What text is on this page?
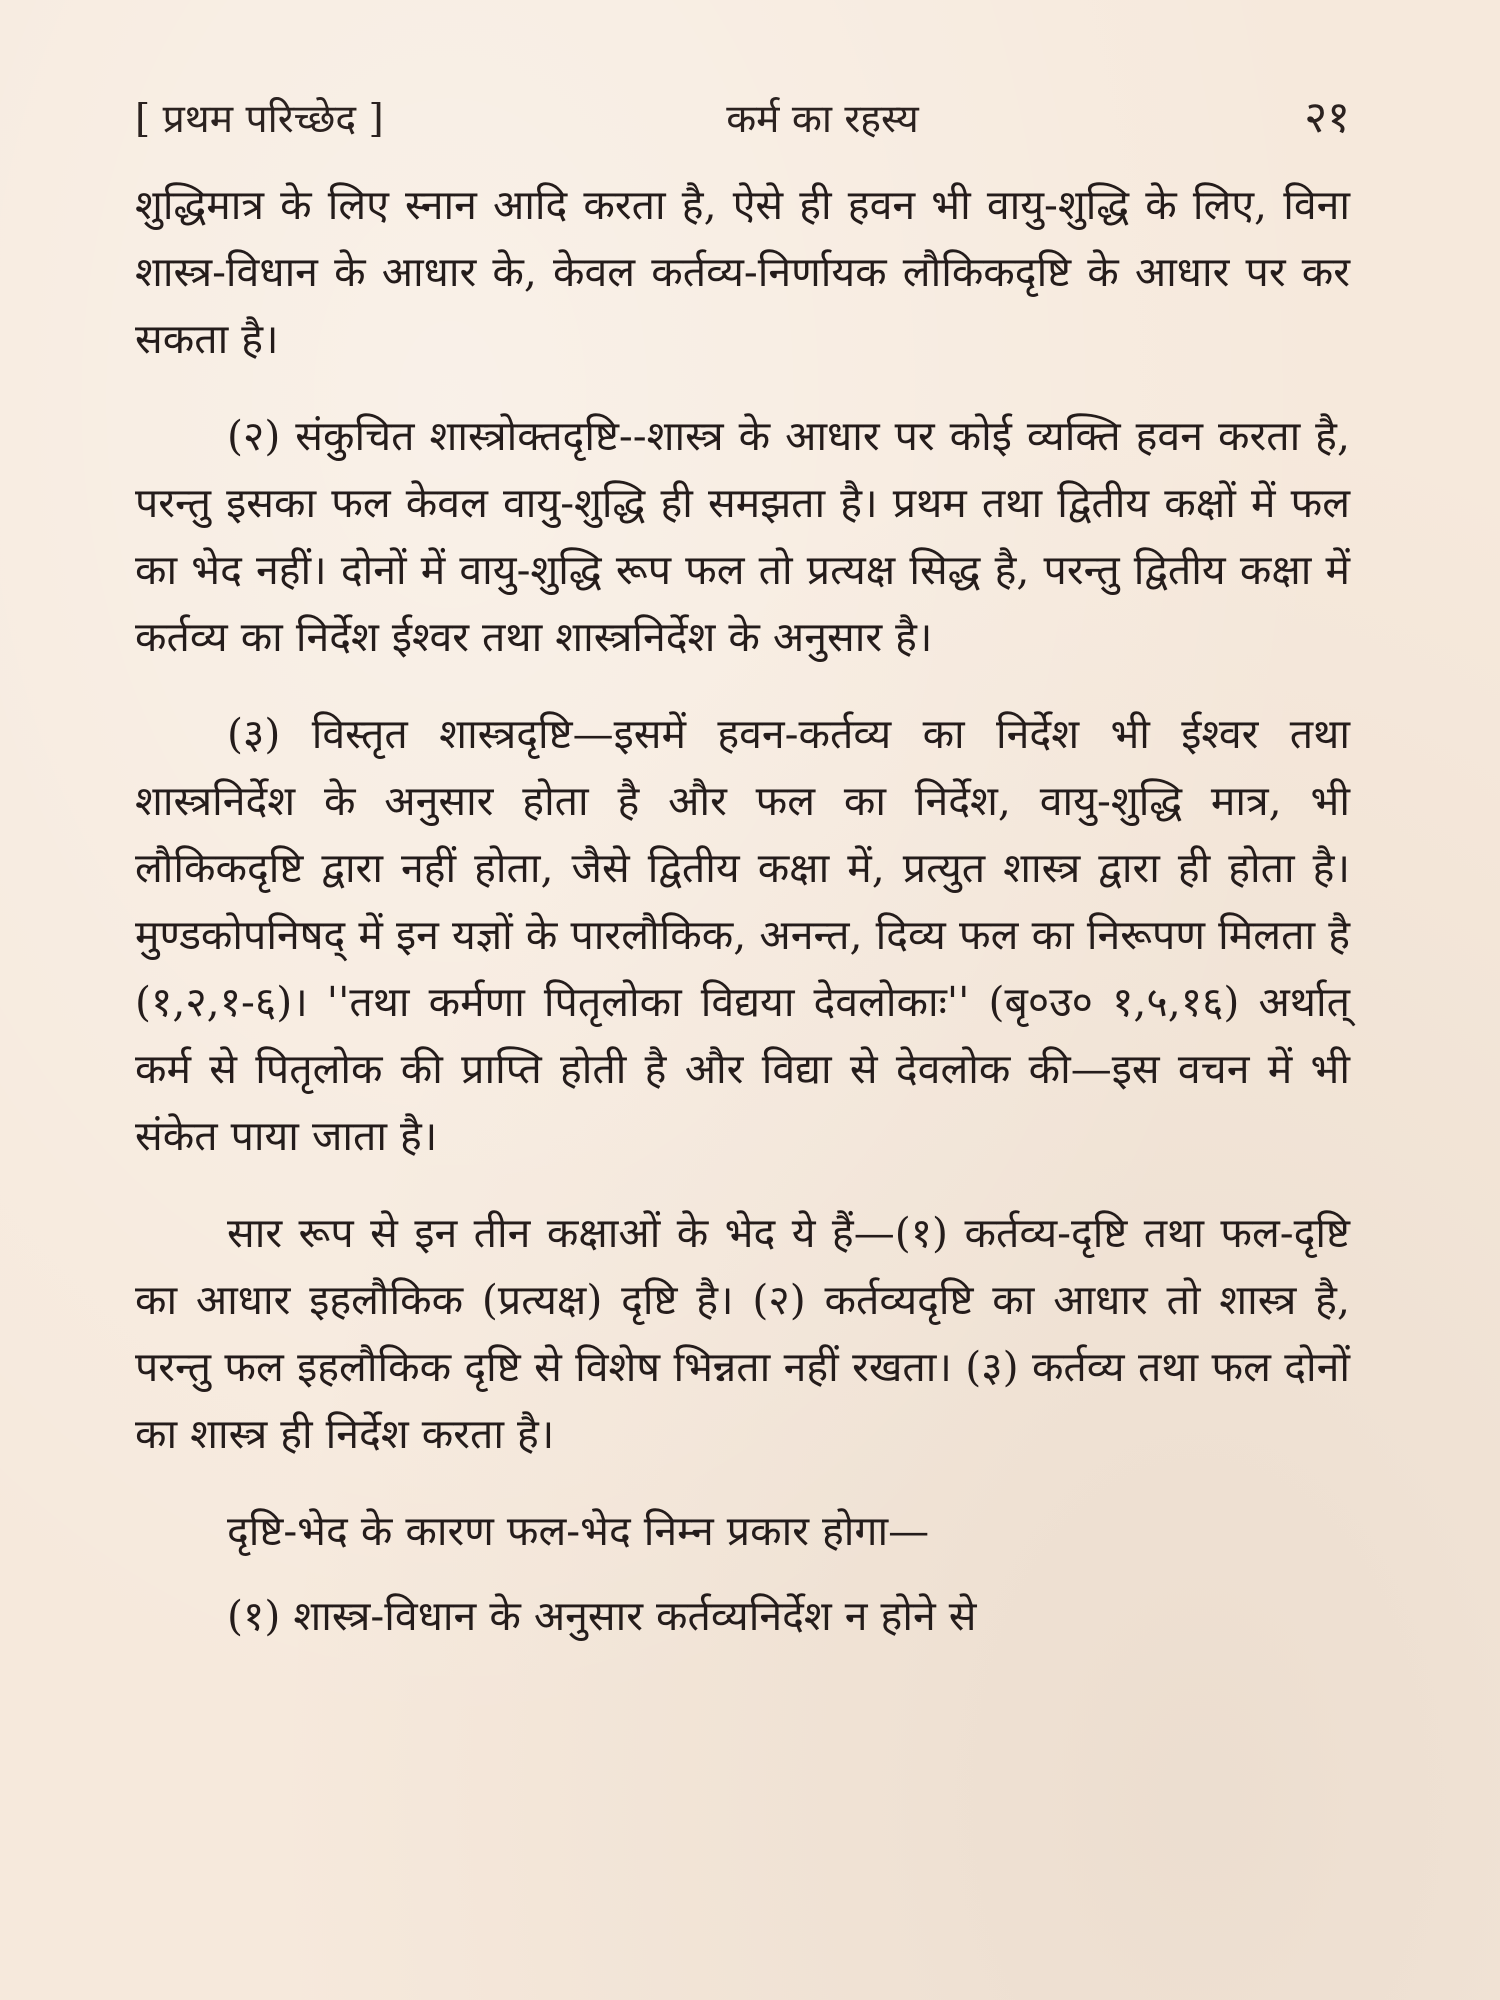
[ प्रथम परिच्छेद ]	कर्म का रहस्य	२१

शुद्धिमात्र के लिए स्नान आदि करता है, ऐसे ही हवन भी वायु-शुद्धि के लिए, विना शास्त्र-विधान के आधार के, केवल कर्तव्य-निर्णायक लौकिकदृष्टि के आधार पर कर सकता है।

(२) संकुचित शास्त्रोक्तदृष्टि--शास्त्र के आधार पर कोई व्यक्ति हवन करता है, परन्तु इसका फल केवल वायु-शुद्धि ही समझता है। प्रथम तथा द्वितीय कक्षों में फल का भेद नहीं। दोनों में वायु-शुद्धि रूप फल तो प्रत्यक्ष सिद्ध है, परन्तु द्वितीय कक्षा में कर्तव्य का निर्देश ईश्वर तथा शास्त्रनिर्देश के अनुसार है।

(३) विस्तृत शास्त्रदृष्टि—इसमें हवन-कर्तव्य का निर्देश भी ईश्वर तथा शास्त्रनिर्देश के अनुसार होता है और फल का निर्देश, वायु-शुद्धि मात्र, भी लौकिकदृष्टि द्वारा नहीं होता, जैसे द्वितीय कक्षा में, प्रत्युत शास्त्र द्वारा ही होता है। मुण्डकोपनिषद् में इन यज्ञों के पारलौकिक, अनन्त, दिव्य फल का निरूपण मिलता है (१,२,१-६)। ''तथा कर्मणा पितृलोका विद्यया देवलोकाः'' (बृ०उ० १,५,१६) अर्थात् कर्म से पितृलोक की प्राप्ति होती है और विद्या से देवलोक की—इस वचन में भी संकेत पाया जाता है।

सार रूप से इन तीन कक्षाओं के भेद ये हैं—(१) कर्तव्य-दृष्टि तथा फल-दृष्टि का आधार इहलौकिक (प्रत्यक्ष) दृष्टि है। (२) कर्तव्यदृष्टि का आधार तो शास्त्र है, परन्तु फल इहलौकिक दृष्टि से विशेष भिन्नता नहीं रखता। (३) कर्तव्य तथा फल दोनों का शास्त्र ही निर्देश करता है।

दृष्टि-भेद के कारण फल-भेद निम्न प्रकार होगा—

(१) शास्त्र-विधान के अनुसार कर्तव्यनिर्देश न होने से
